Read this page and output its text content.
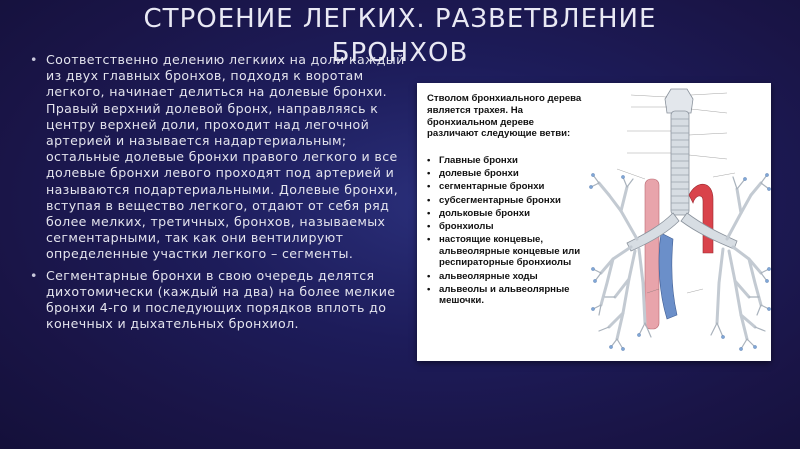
СТРОЕНИЕ ЛЕГКИХ. РАЗВЕТВЛЕНИЕ
БРОНХОВ

• Соответственно делению легкиих на доли каждый из двух главных бронхов, подходя к воротам легкого, начинает делиться на долевые бронхи. Правый верхний долевой бронх, направляясь к центру верхней доли, проходит над легочной артерией и называется надартериальным; остальные долевые бронхи правого легкого и все долевые бронхи левого проходят под артерией и называются подартериальными. Долевые бронхи, вступая в вещество легкого, отдают от себя ряд более мелких, третичных, бронхов, называемых сегментарными, так как они вентилируют определенные участки легкого – сегменты.

• Сегментарные бронхи в свою очередь делятся дихотомически (каждый на два) на более мелкие бронхи 4-го и последующих порядков вплоть до конечных и дыхательных бронхиол.

Стволом бронхиального дерева является трахея. На бронхиальном дереве различают следующие ветви:
• Главные бронхи
• долевые бронхи
• сегментарные бронхи
• субсегментарные бронхи
• дольковые бронхи
• бронхиолы
• настоящие концевые, альвеолярные концевые или респираторные бронхиолы
• альвеолярные ходы
• альвеолы и альвеолярные мешочки.
